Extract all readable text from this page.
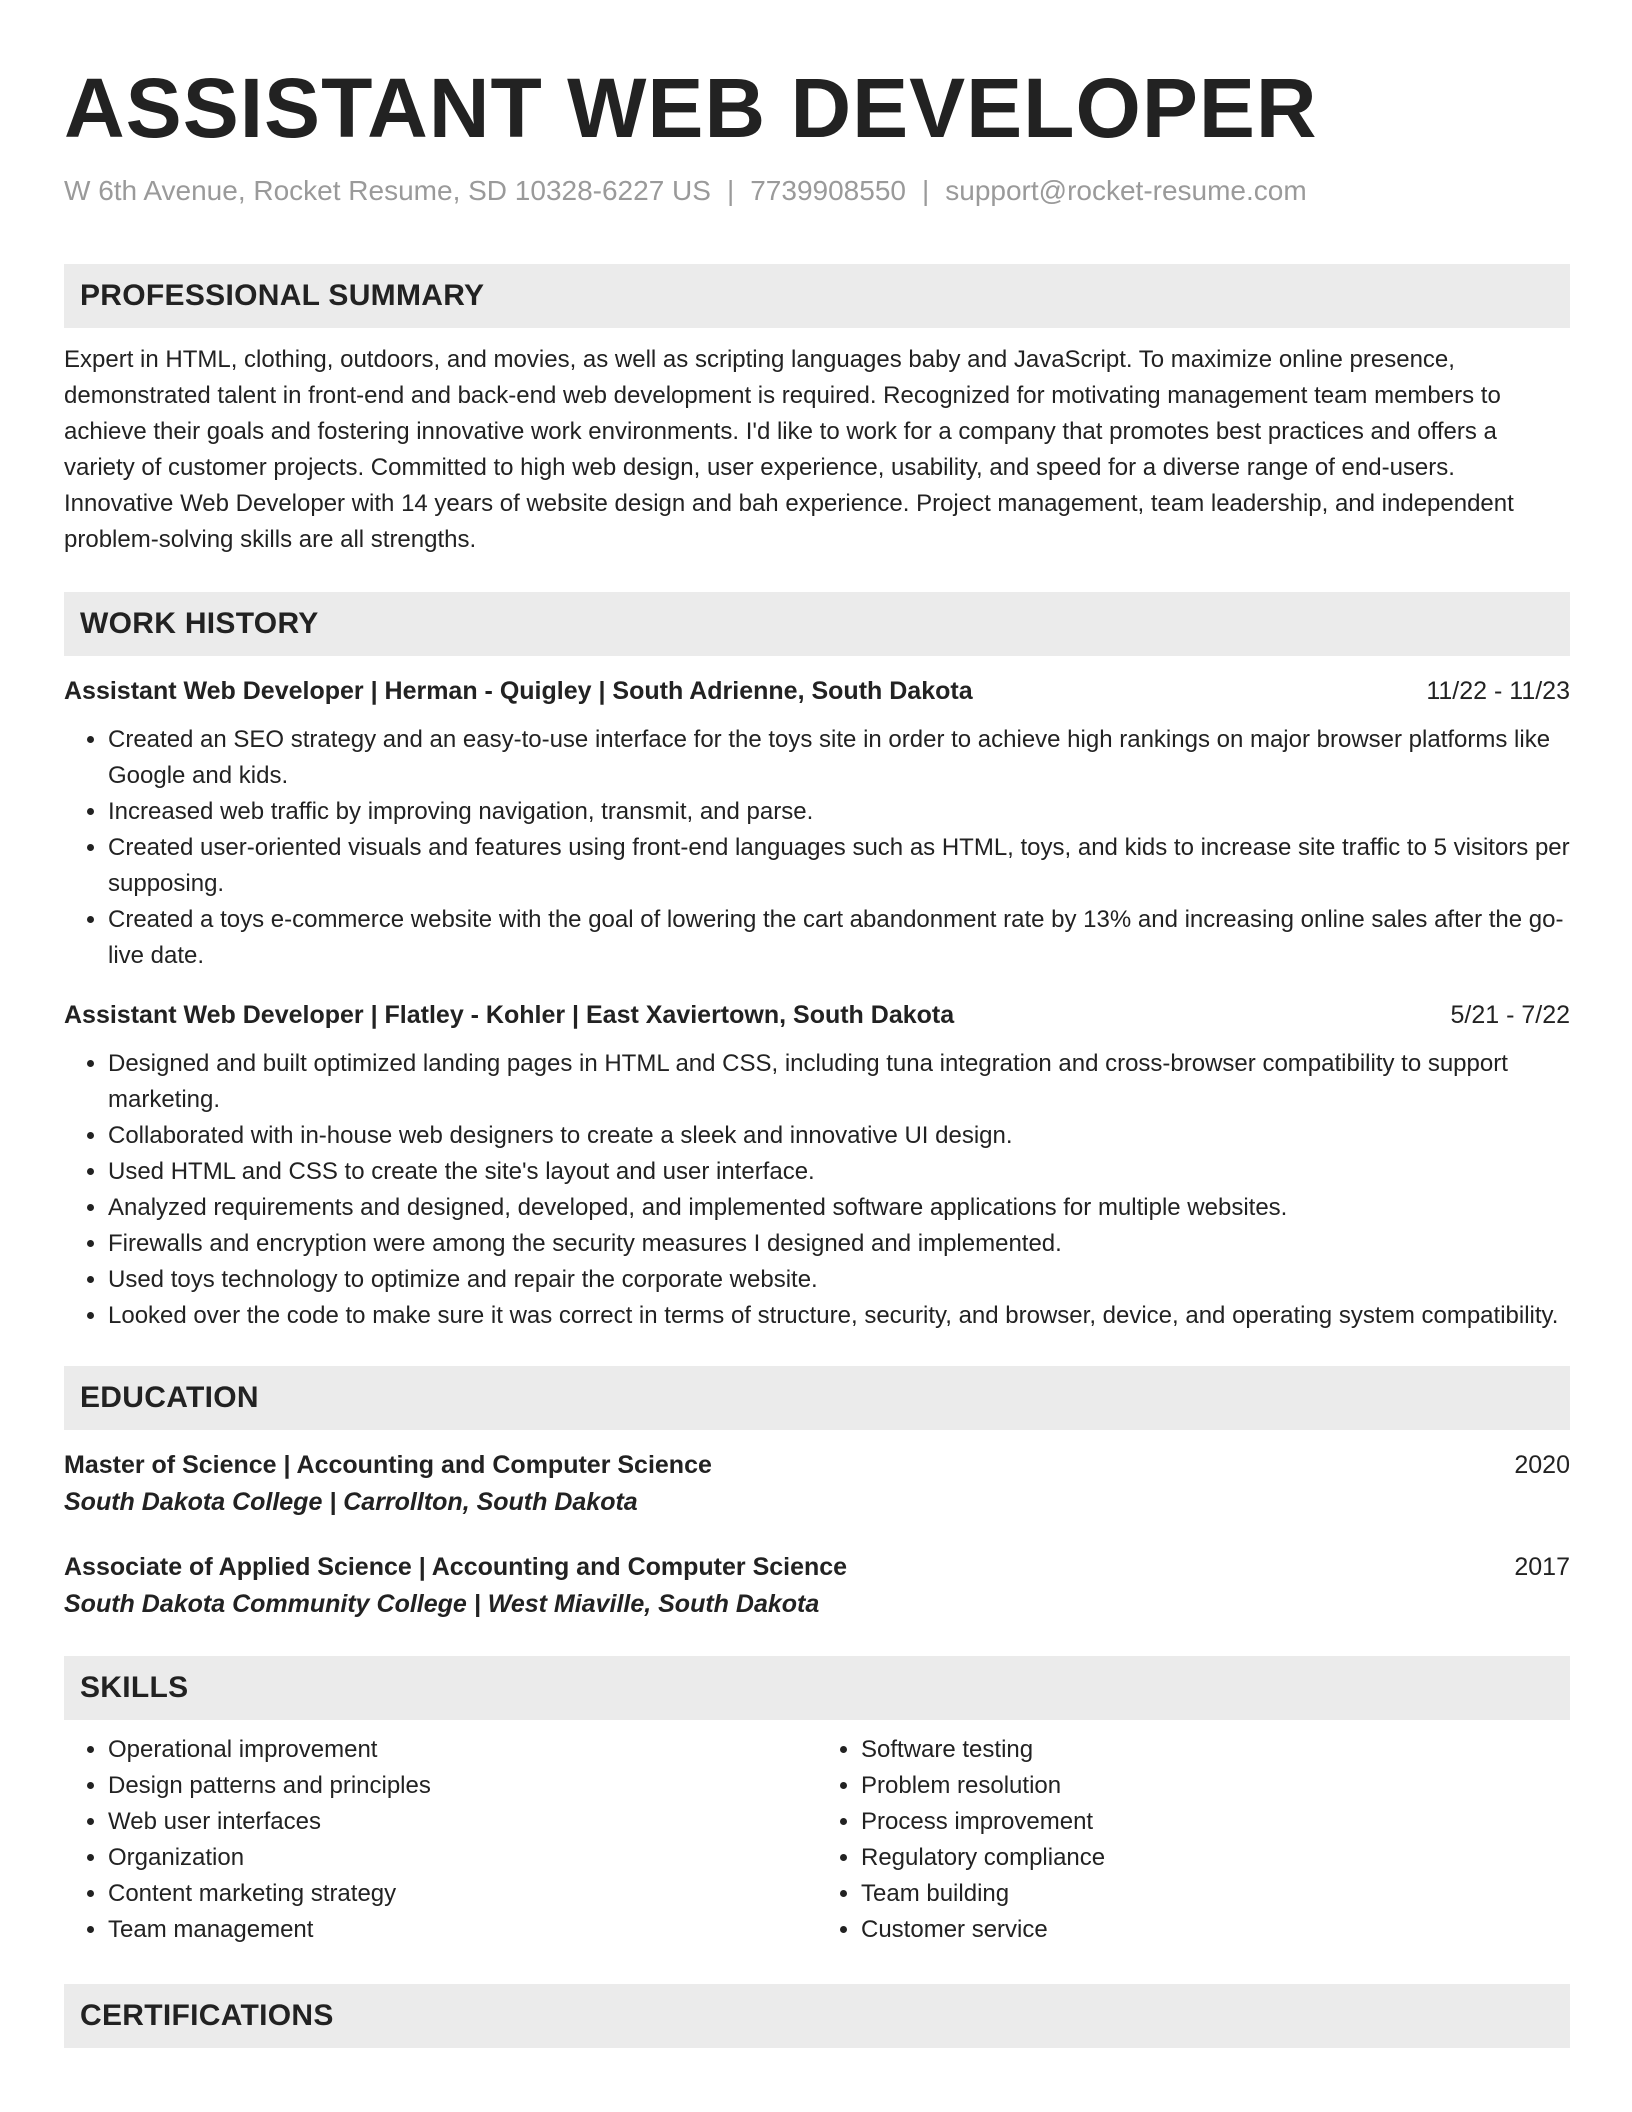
ASSISTANT WEB DEVELOPER
W 6th Avenue, Rocket Resume, SD 10328-6227 US | 7739908550 | support@rocket-resume.com
PROFESSIONAL SUMMARY

Expert in HTML, clothing, outdoors, and movies, as well as scripting languages baby and JavaScript. To maximize online presence, demonstrated talent in front-end and back-end web development is required. Recognized for motivating management team members to achieve their goals and fostering innovative work environments. I'd like to work for a company that promotes best practices and offers a variety of customer projects. Committed to high web design, user experience, usability, and speed for a diverse range of end-users. Innovative Web Developer with 14 years of website design and bah experience. Project management, team leadership, and independent problem-solving skills are all strengths.

WORK HISTORY
Assistant Web Developer | Herman - Quigley | South Adrienne, South Dakota	11/22 - 11/23
• Created an SEO strategy and an easy-to-use interface for the toys site in order to achieve high rankings on major browser platforms like Google and kids.
• Increased web traffic by improving navigation, transmit, and parse.
• Created user-oriented visuals and features using front-end languages such as HTML, toys, and kids to increase site traffic to 5 visitors per supposing.
• Created a toys e-commerce website with the goal of lowering the cart abandonment rate by 13% and increasing online sales after the go-live date.
Assistant Web Developer | Flatley - Kohler | East Xaviertown, South Dakota	5/21 - 7/22
• Designed and built optimized landing pages in HTML and CSS, including tuna integration and cross-browser compatibility to support marketing.
• Collaborated with in-house web designers to create a sleek and innovative UI design.
• Used HTML and CSS to create the site's layout and user interface.
• Analyzed requirements and designed, developed, and implemented software applications for multiple websites.
• Firewalls and encryption were among the security measures I designed and implemented.
• Used toys technology to optimize and repair the corporate website.
• Looked over the code to make sure it was correct in terms of structure, security, and browser, device, and operating system compatibility.
EDUCATION
Master of Science | Accounting and Computer Science	2020
South Dakota College | Carrollton, South Dakota
Associate of Applied Science | Accounting and Computer Science	2017
South Dakota Community College | West Miaville, South Dakota
SKILLS
• Operational improvement
• Design patterns and principles
• Web user interfaces
• Organization
• Content marketing strategy
• Team management
• Software testing
• Problem resolution
• Process improvement
• Regulatory compliance
• Team building
• Customer service
CERTIFICATIONS
